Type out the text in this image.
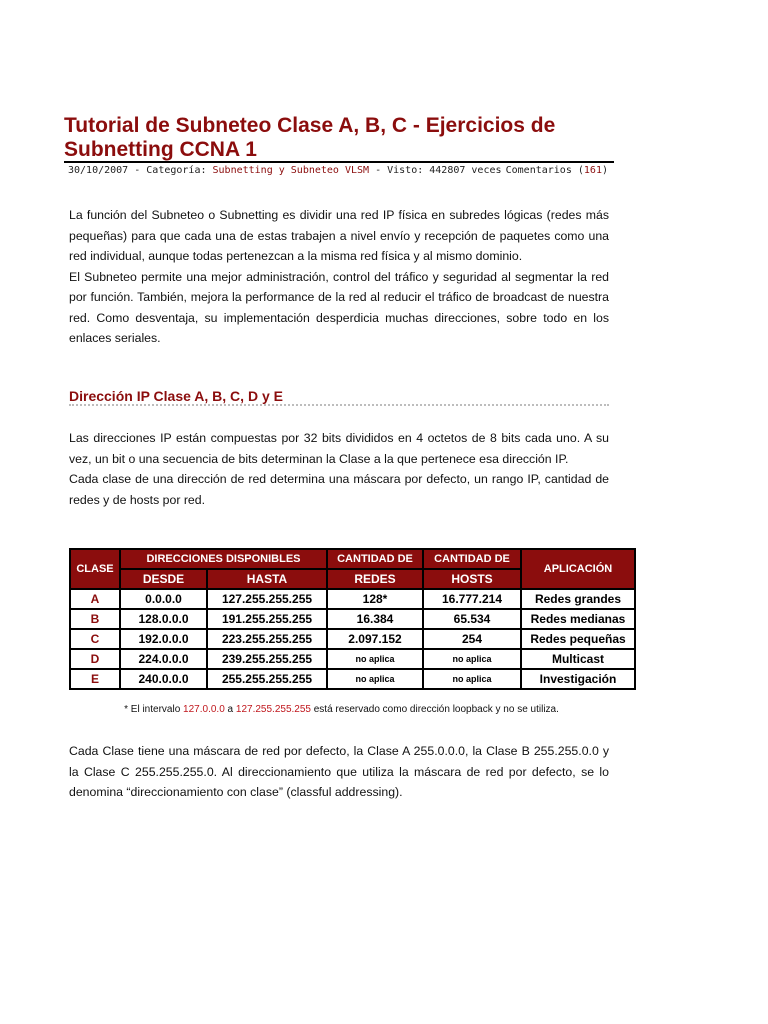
Tutorial de Subneteo Clase A, B, C - Ejercicios de Subnetting CCNA 1
30/10/2007 - Categoría: Subnetting y Subneteo VLSM - Visto: 442807 veces Comentarios (161)
La función del Subneteo o Subnetting es dividir una red IP física en subredes lógicas (redes más pequeñas) para que cada una de estas trabajen a nivel envío y recepción de paquetes como una red individual, aunque todas pertenezcan a la misma red física y al mismo dominio.
El Subneteo permite una mejor administración, control del tráfico y seguridad al segmentar la red por función. También, mejora la performance de la red al reducir el tráfico de broadcast de nuestra red. Como desventaja, su implementación desperdicia muchas direcciones, sobre todo en los enlaces seriales.
Dirección IP Clase A, B, C, D y E
Las direcciones IP están compuestas por 32 bits divididos en 4 octetos de 8 bits cada uno. A su vez, un bit o una secuencia de bits determinan la Clase a la que pertenece esa dirección IP.
Cada clase de una dirección de red determina una máscara por defecto, un rango IP, cantidad de redes y de hosts por red.
CLASE	DIRECCIONES DISPONIBLES		CANTIDAD DE	CANTIDAD DE	APLICACIÓN
	DESDE	HASTA	REDES	HOSTS	
A	0.0.0.0	127.255.255.255	128*	16.777.214	Redes grandes
B	128.0.0.0	191.255.255.255	16.384	65.534	Redes medianas
C	192.0.0.0	223.255.255.255	2.097.152	254	Redes pequeñas
D	224.0.0.0	239.255.255.255	no aplica	no aplica	Multicast
E	240.0.0.0	255.255.255.255	no aplica	no aplica	Investigación
* El intervalo 127.0.0.0 a 127.255.255.255 está reservado como dirección loopback y no se utiliza.

Cada Clase tiene una máscara de red por defecto, la Clase A 255.0.0.0, la Clase B 255.255.0.0 y la Clase C 255.255.255.0. Al direccionamiento que utiliza la máscara de red por defecto, se lo denomina “direccionamiento con clase” (classful addressing).
